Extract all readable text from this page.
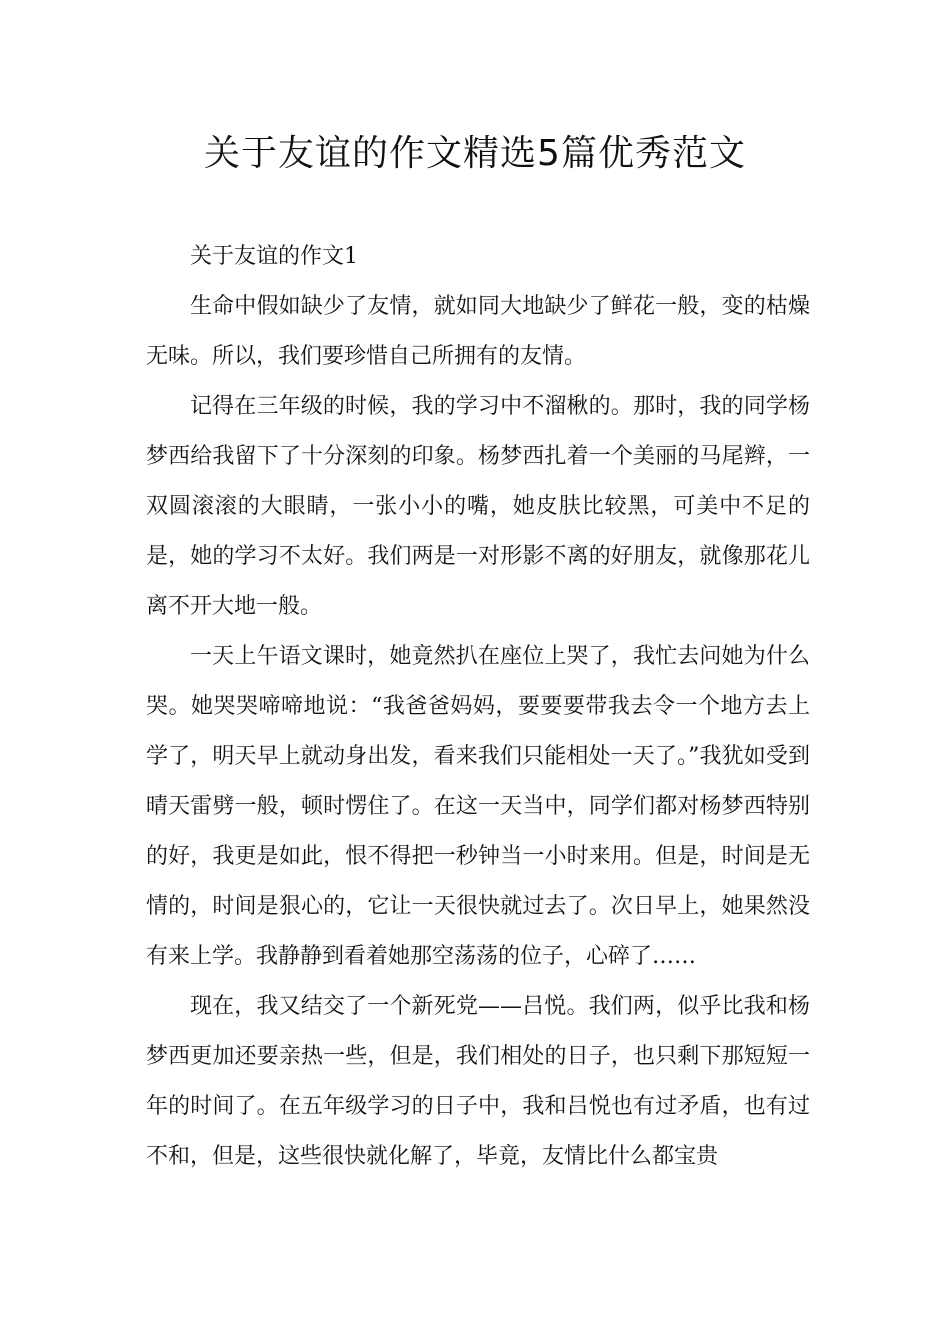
关于友谊的作文精选5篇优秀范文

关于友谊的作文1

生命中假如缺少了友情，就如同大地缺少了鲜花一般，变的枯燥无味。所以，我们要珍惜自己所拥有的友情。

记得在三年级的时候，我的学习中不溜楸的。那时，我的同学杨梦西给我留下了十分深刻的印象。杨梦西扎着一个美丽的马尾辫，一双圆滚滚的大眼睛，一张小小的嘴，她皮肤比较黑，可美中不足的是，她的学习不太好。我们两是一对形影不离的好朋友，就像那花儿离不开大地一般。

一天上午语文课时，她竟然扒在座位上哭了，我忙去问她为什么哭。她哭哭啼啼地说：“我爸爸妈妈，要要要带我去令一个地方去上学了，明天早上就动身出发，看来我们只能相处一天了。”我犹如受到晴天雷劈一般，顿时愣住了。在这一天当中，同学们都对杨梦西特别的好，我更是如此，恨不得把一秒钟当一小时来用。但是，时间是无情的，时间是狠心的，它让一天很快就过去了。次日早上，她果然没有来上学。我静静到看着她那空荡荡的位子，心碎了……

现在，我又结交了一个新死党——吕悦。我们两，似乎比我和杨梦西更加还要亲热一些，但是，我们相处的日子，也只剩下那短短一年的时间了。在五年级学习的日子中，我和吕悦也有过矛盾，也有过不和，但是，这些很快就化解了，毕竟，友情比什么都宝贵
